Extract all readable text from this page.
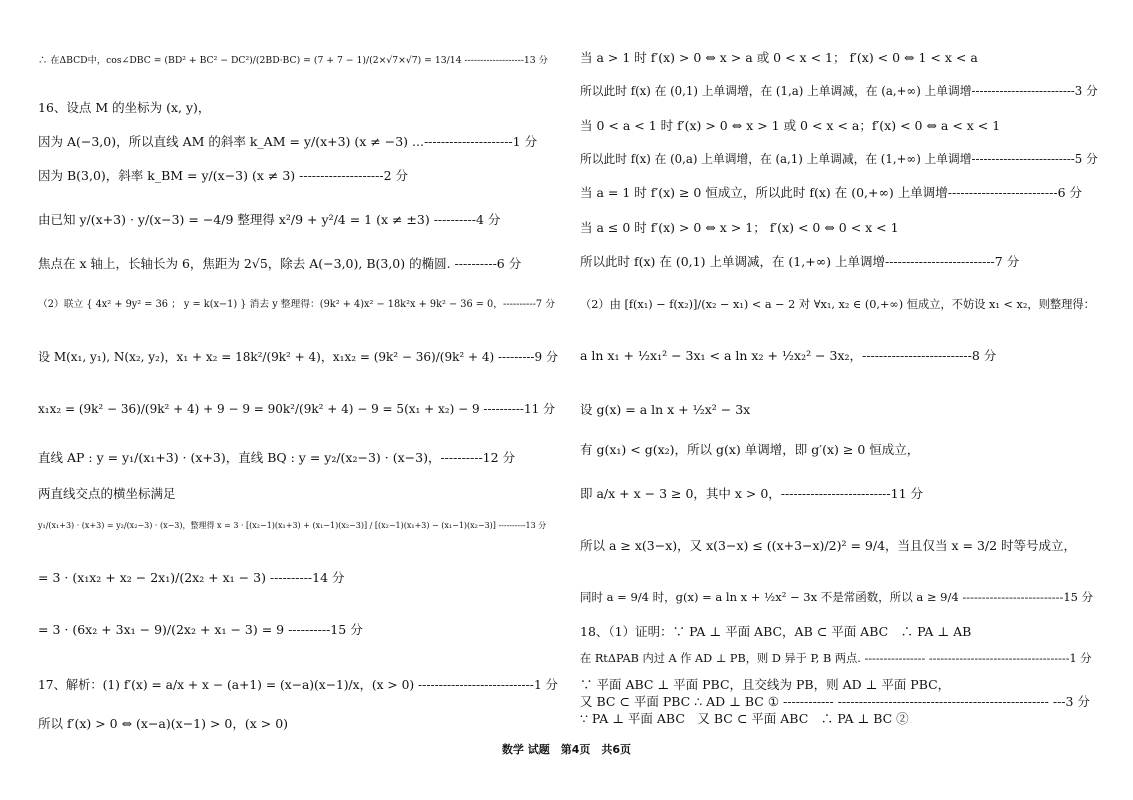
∴ 在ΔBCD中，cos∠DBC = (BD² + BC² − DC²)/(2BD·BC) = (7 + 7 − 1)/(2×√7×√7) = 13/14 -------------------13 分
16、设点 M 的坐标为 (x, y)，
因为 A(−3,0)，所以直线 AM 的斜率 k_AM = y/(x+3) (x ≠ −3) ...---------------------1 分
因为 B(3,0)，斜率 k_BM = y/(x−3) (x ≠ 3) --------------------2 分
由已知 y/(x+3) · y/(x−3) = −4/9 整理得 x²/9 + y²/4 = 1 (x ≠ ±3) ----------4 分
焦点在 x 轴上，长轴长为 6，焦距为 2√5，除去 A(−3,0), B(3,0) 的椭圆. ----------6 分
（2）联立 { 4x² + 9y² = 36 ； y = k(x−1) } 消去 y 整理得：(9k² + 4)x² − 18k²x + 9k² − 36 = 0，----------7 分
设 M(x₁, y₁), N(x₂, y₂)，x₁ + x₂ = 18k²/(9k² + 4)，x₁x₂ = (9k² − 36)/(9k² + 4) ---------9 分
x₁x₂ = (9k² − 36)/(9k² + 4) + 9 − 9 = 90k²/(9k² + 4) − 9 = 5(x₁ + x₂) − 9 ----------11 分
直线 AP : y = y₁/(x₁+3) · (x+3)，直线 BQ : y = y₂/(x₂−3) · (x−3)，----------12 分
两直线交点的横坐标满足
y₁/(x₁+3) · (x+3) = y₂/(x₂−3) · (x−3)，整理得 x = 3 · [(x₂−1)(x₁+3) + (x₁−1)(x₂−3)] / [(x₂−1)(x₁+3) − (x₁−1)(x₂−3)] ----------13 分
= 3 · (x₁x₂ + x₂ − 2x₁)/(2x₂ + x₁ − 3) ----------14 分
= 3 · (6x₂ + 3x₁ − 9)/(2x₂ + x₁ − 3) = 9 ----------15 分
17、解析：(1) f′(x) = a/x + x − (a+1) = (x−a)(x−1)/x，(x > 0) ----------------------------1 分
所以 f′(x) > 0 ⇔ (x−a)(x−1) > 0，(x > 0)
当 a > 1 时 f′(x) > 0 ⇔ x > a 或 0 < x < 1； f′(x) < 0 ⇔ 1 < x < a
所以此时 f(x) 在 (0,1) 上单调增，在 (1,a) 上单调减，在 (a,+∞) 上单调增--------------------------3 分
当 0 < a < 1 时 f′(x) > 0 ⇔ x > 1 或 0 < x < a；f′(x) < 0 ⇔ a < x < 1
所以此时 f(x) 在 (0,a) 上单调增，在 (a,1) 上单调减，在 (1,+∞) 上单调增--------------------------5 分
当 a = 1 时 f′(x) ≥ 0 恒成立，所以此时 f(x) 在 (0,+∞) 上单调增--------------------------6 分
当 a ≤ 0 时 f′(x) > 0 ⇔ x > 1； f′(x) < 0 ⇔ 0 < x < 1
所以此时 f(x) 在 (0,1) 上单调减，在 (1,+∞) 上单调增--------------------------7 分
（2）由 [f(x₁) − f(x₂)]/(x₂ − x₁) < a − 2 对 ∀x₁, x₂ ∈ (0,+∞) 恒成立，不妨设 x₁ < x₂，则整理得：
a ln x₁ + ½x₁² − 3x₁ < a ln x₂ + ½x₂² − 3x₂，--------------------------8 分
设 g(x) = a ln x + ½x² − 3x
有 g(x₁) < g(x₂)，所以 g(x) 单调增，即 g′(x) ≥ 0 恒成立，
即 a/x + x − 3 ≥ 0，其中 x > 0，--------------------------11 分
所以 a ≥ x(3−x)，又 x(3−x) ≤ ((x+3−x)/2)² = 9/4，当且仅当 x = 3/2 时等号成立，
同时 a = 9/4 时，g(x) = a ln x + ½x² − 3x 不是常函数，所以 a ≥ 9/4 --------------------------15 分
18、（1）证明：∵ PA ⊥ 平面 ABC，AB ⊂ 平面 ABC　∴ PA ⊥ AB
在 RtΔPAB 内过 A 作 AD ⊥ PB，则 D 异于 P, B 两点. ---------------- -------------------------------------1 分
∵ 平面 ABC ⊥ 平面 PBC，且交线为 PB，则 AD ⊥ 平面 PBC，
又 BC ⊂ 平面 PBC ∴ AD ⊥ BC ① ------------ -------------------------------------------------- ---3 分
∵ PA ⊥ 平面 ABC　又 BC ⊂ 平面 ABC　∴ PA ⊥ BC ②
数学 试题　第4页　共6页
